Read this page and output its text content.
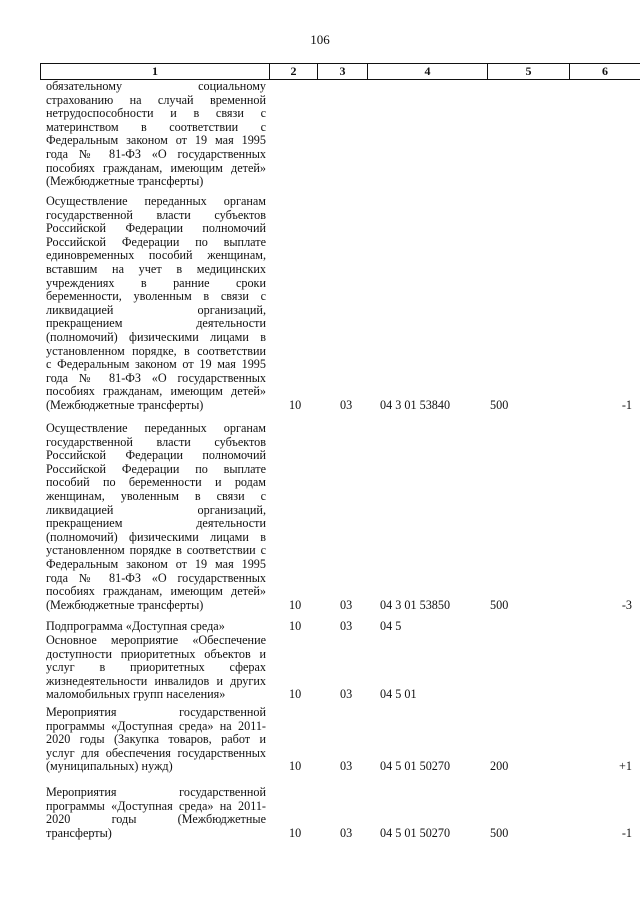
106
1	2	3	4	5	6
обязательному социальному
страхованию на случай временной
нетрудоспособности и в связи с
материнством в соответствии с
Федеральным законом от 19 мая 1995
года № 81-ФЗ «О государственных
пособиях гражданам, имеющим детей»
(Межбюджетные трансферты)
Осуществление переданных органам
государственной власти субъектов
Российской Федерации полномочий
Российской Федерации по выплате
единовременных пособий женщинам,
вставшим на учет в медицинских
учреждениях в ранние сроки
беременности, уволенным в связи с
ликвидацией организаций,
прекращением деятельности
(полномочий) физическими лицами в
установленном порядке, в соответствии
с Федеральным законом от 19 мая 1995
года № 81-ФЗ «О государственных
пособиях гражданам, имеющим детей»
(Межбюджетные трансферты)	10	03 04 3 01 53840	500	-1
Осуществление переданных органам
государственной власти субъектов
Российской Федерации полномочий
Российской Федерации по выплате
пособий по беременности и родам
женщинам, уволенным в связи с
ликвидацией организаций,
прекращением деятельности
(полномочий) физическими лицами в
установленном порядке в соответствии с
Федеральным законом от 19 мая 1995
года № 81-ФЗ «О государственных
пособиях гражданам, имеющим детей»
(Межбюджетные трансферты)	10	03 04 3 01 53850	500	-3
Подпрограмма «Доступная среда»	10	03 04 5
Основное мероприятие «Обеспечение
доступности приоритетных объектов и
услуг в приоритетных сферах
жизнедеятельности инвалидов и других
маломобильных групп населения»	10	03 04 5 01
Мероприятия государственной
программы «Доступная среда» на 2011-
2020 годы (Закупка товаров, работ и
услуг для обеспечения государственных
(муниципальных) нужд)	10	03 04 5 01 50270	200	+1
Мероприятия государственной
программы «Доступная среда» на 2011-
2020 годы (Межбюджетные
трансферты)	10	03 04 5 01 50270	500	-1
